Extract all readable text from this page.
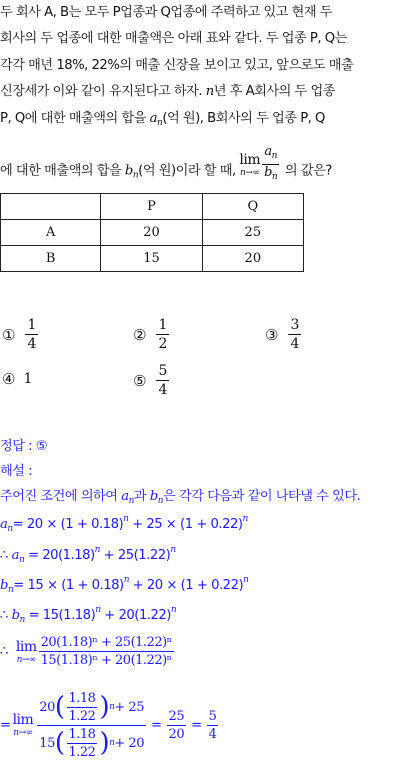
두 회사 A, B는 모두 P업종과 Q업종에 주력하고 있고 현재 두
회사의 두 업종에 대한 매출액은 아래 표와 같다. 두 업종 P, Q는
각각 매년 18%, 22%의 매출 신장을 보이고 있고, 앞으로도 매출
신장세가 이와 같이 유지된다고 하자. n년 후 A회사의 두 업종
P, Q에 대한 매출액의 합을 $a_n$(억 원), B회사의 두 업종 P, Q
에 대한 매출액의 합을 $b_n$(억 원)이라 할 때,
lim
$n\to\infty \frac{a_n}{b_n}$ 의 값은?
	P	Q
A	20	25
B	15	20
① $\frac{1}{4}$	② $\frac{1}{2}$	③ $\frac{3}{4}$
④ 1	⑤ $\frac{5}{4}$
정답 : ⑤
해설 :
주어진 조건에 의하여 $a_n$과 $b_n$은 각각 다음과 같이 나타낼 수 있다.
$a_n= 20 \times (1 + 0.18)^n + 25 \times (1 + 0.22)^n$
∴ $a_n = 20(1.18)^n + 25(1.22)^n$
$b_n= 15 \times (1 + 0.18)^n + 20 \times (1 + 0.22)^n$
∴ $b_n = 15(1.18)^n + 20(1.22)^n$
∴ lim
$n\to\infty \frac{\text{20(1.18)ⁿ + 25(1.22)ⁿ}}{\text{15(1.18)ⁿ + 20(1.22)ⁿ}}$
= lim
$n\to\infty \frac{20 ( \frac{1.18}{1.22} ) n + 25}{15 ( \frac{1.18}{1.22} ) n + 20} = \frac{25}{20} = \frac{5}{4}$
